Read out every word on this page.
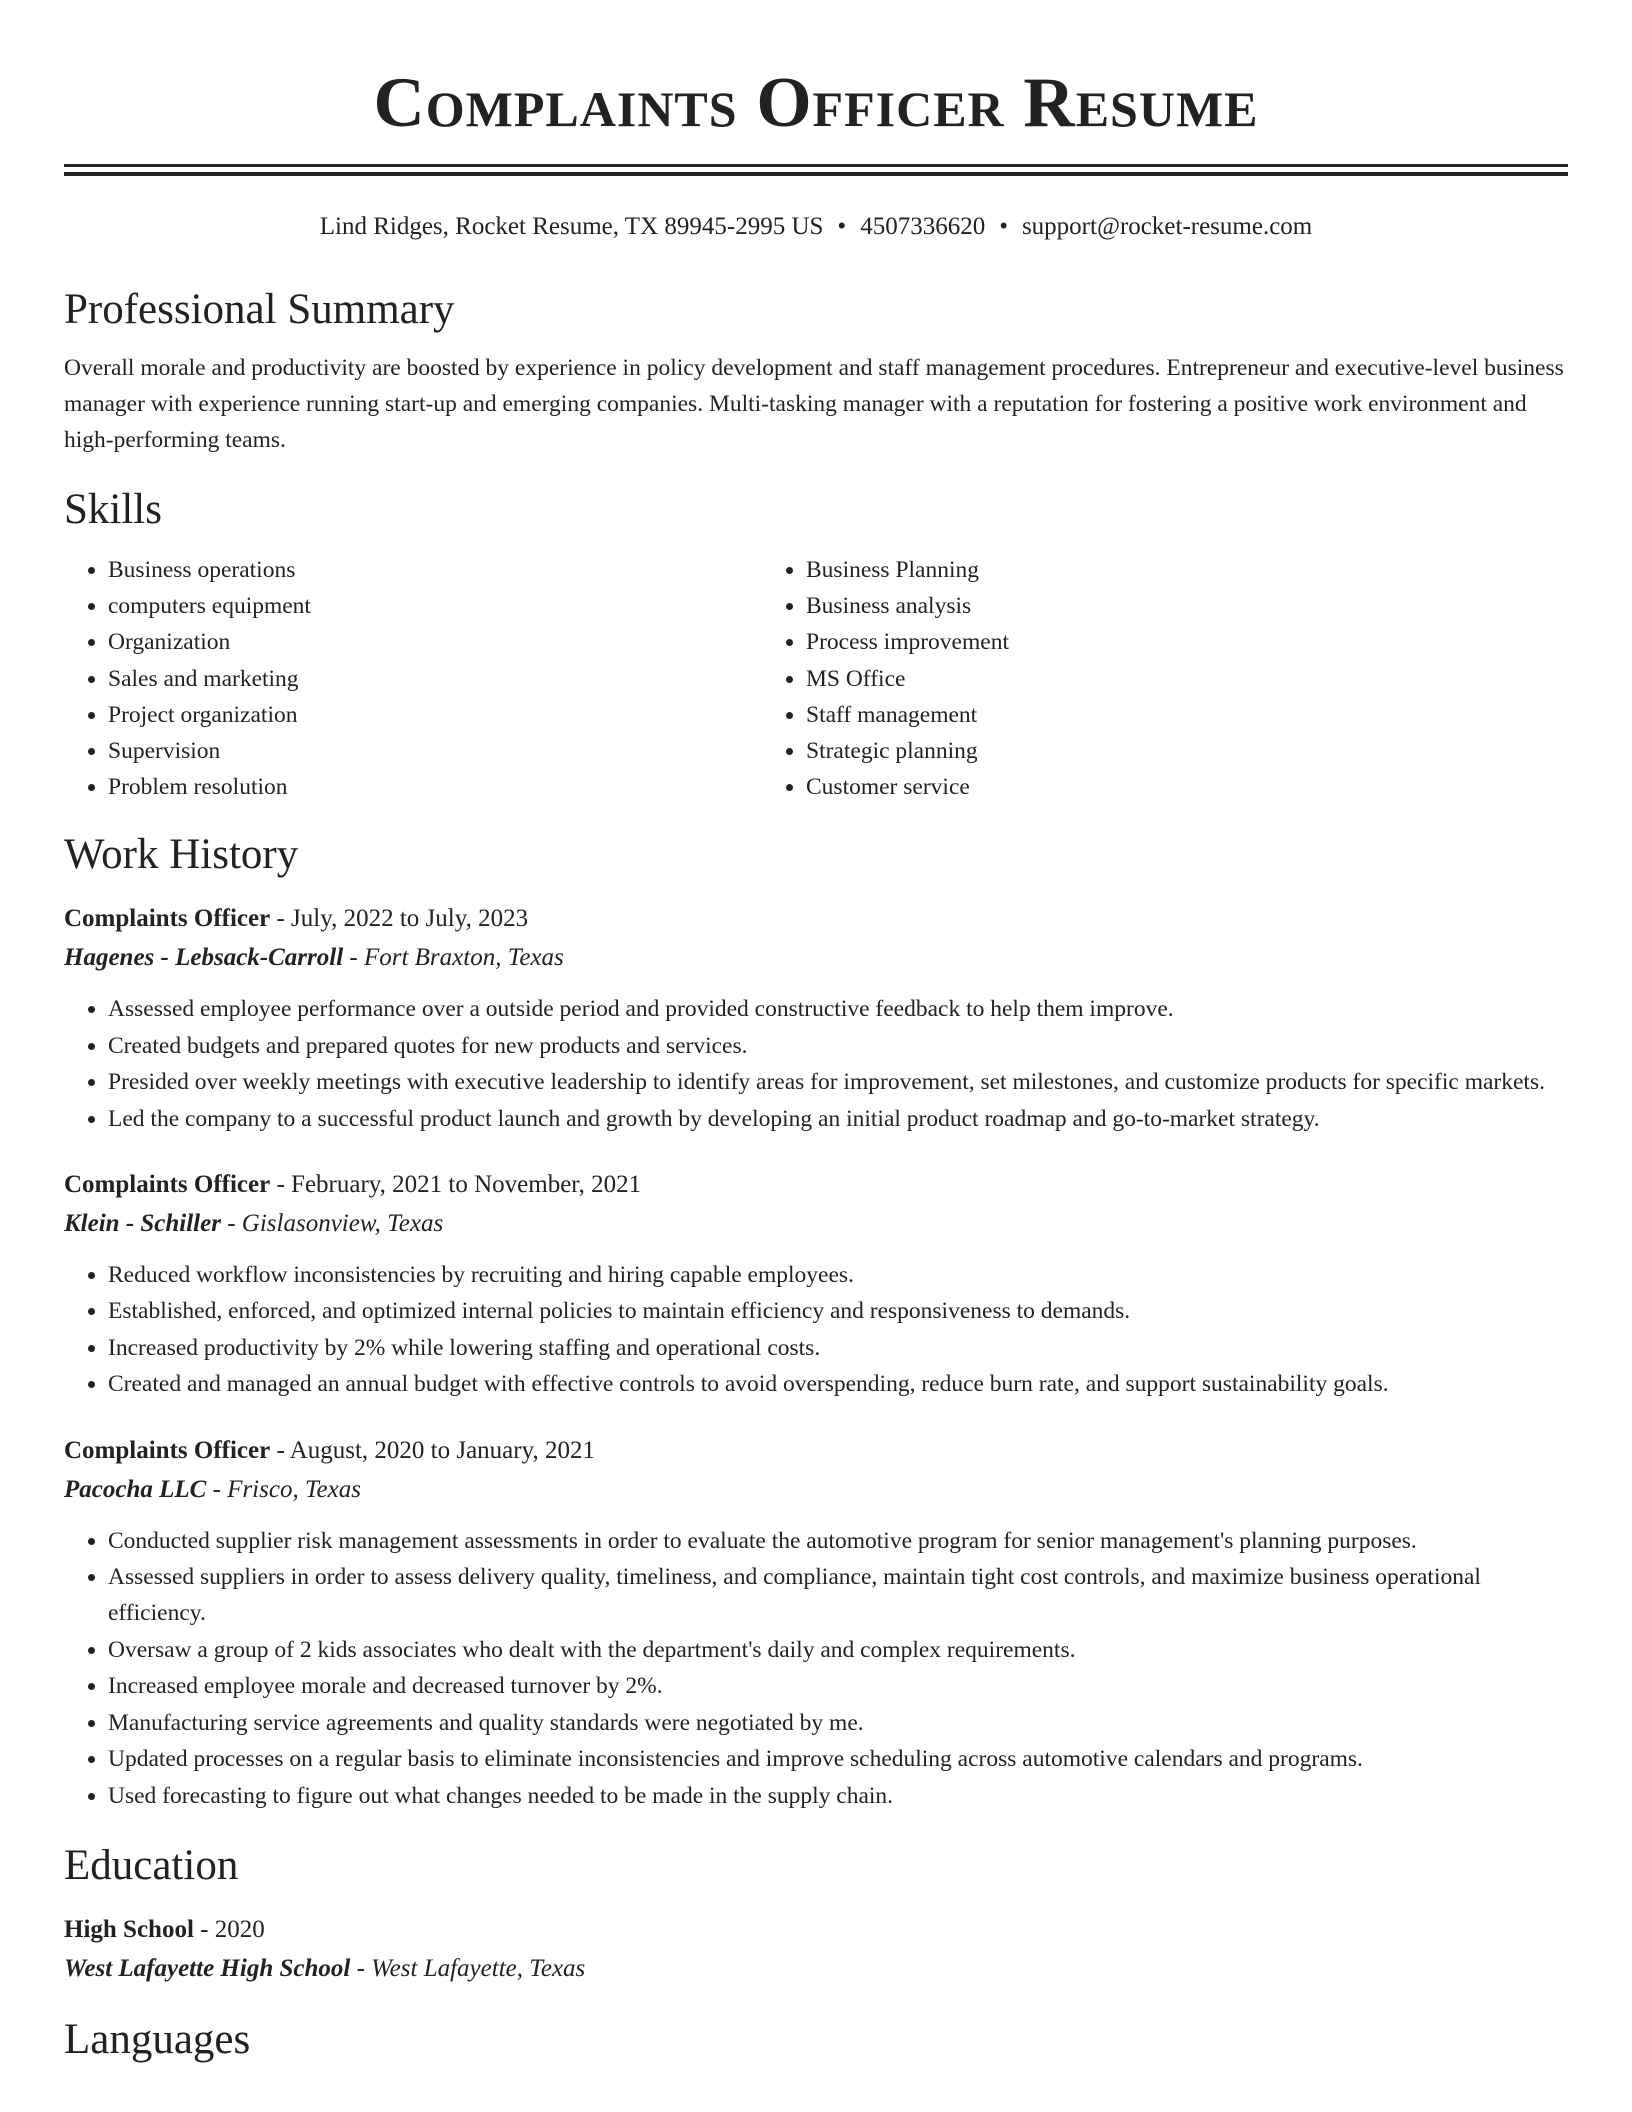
Complaints Officer Resume
Lind Ridges, Rocket Resume, TX 89945-2995 US • 4507336620 • support@rocket-resume.com
Professional Summary
Overall morale and productivity are boosted by experience in policy development and staff management procedures. Entrepreneur and executive-level business manager with experience running start-up and emerging companies. Multi-tasking manager with a reputation for fostering a positive work environment and high-performing teams.
Skills
• Business operations
• computers equipment
• Organization
• Sales and marketing
• Project organization
• Supervision
• Problem resolution
• Business Planning
• Business analysis
• Process improvement
• MS Office
• Staff management
• Strategic planning
• Customer service
Work History
Complaints Officer - July, 2022 to July, 2023
Hagenes - Lebsack-Carroll - Fort Braxton, Texas
• Assessed employee performance over a outside period and provided constructive feedback to help them improve.
• Created budgets and prepared quotes for new products and services.
• Presided over weekly meetings with executive leadership to identify areas for improvement, set milestones, and customize products for specific markets.
• Led the company to a successful product launch and growth by developing an initial product roadmap and go-to-market strategy.
Complaints Officer - February, 2021 to November, 2021
Klein - Schiller - Gislasonview, Texas
• Reduced workflow inconsistencies by recruiting and hiring capable employees.
• Established, enforced, and optimized internal policies to maintain efficiency and responsiveness to demands.
• Increased productivity by 2% while lowering staffing and operational costs.
• Created and managed an annual budget with effective controls to avoid overspending, reduce burn rate, and support sustainability goals.
Complaints Officer - August, 2020 to January, 2021
Pacocha LLC - Frisco, Texas
• Conducted supplier risk management assessments in order to evaluate the automotive program for senior management's planning purposes.
• Assessed suppliers in order to assess delivery quality, timeliness, and compliance, maintain tight cost controls, and maximize business operational efficiency.
• Oversaw a group of 2 kids associates who dealt with the department's daily and complex requirements.
• Increased employee morale and decreased turnover by 2%.
• Manufacturing service agreements and quality standards were negotiated by me.
• Updated processes on a regular basis to eliminate inconsistencies and improve scheduling across automotive calendars and programs.
• Used forecasting to figure out what changes needed to be made in the supply chain.
Education
High School - 2020
West Lafayette High School - West Lafayette, Texas
Languages
